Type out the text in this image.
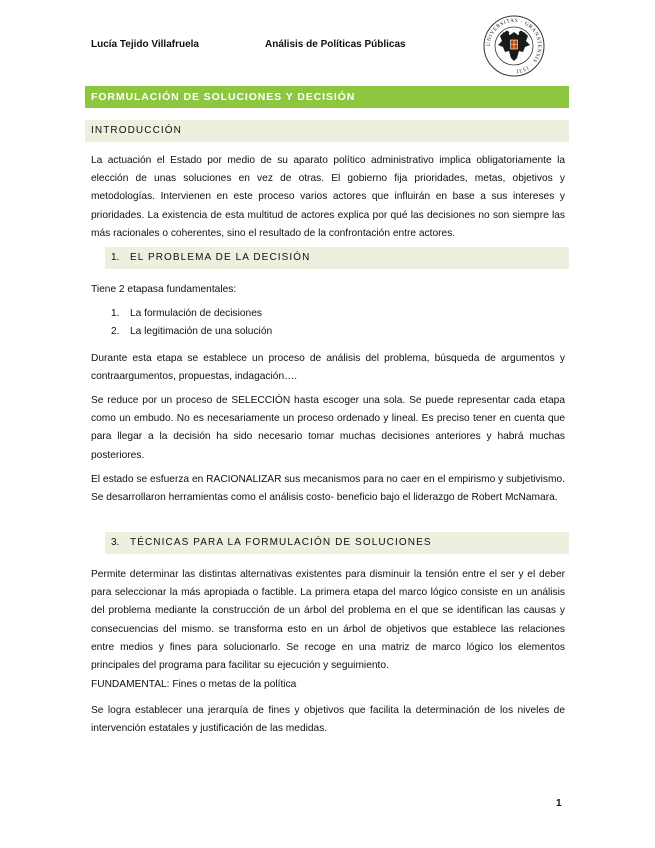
Lucía Tejido Villafruela	Análisis de Políticas Públicas	UNIVERSITAS · GRANATENSIS · 1531
FORMULACIÓN DE SOLUCIONES Y DECISIÓN
INTRODUCCIÓN
La actuación el Estado por medio de su aparato político administrativo implica obligatoriamente la elección de unas soluciones en vez de otras. El gobierno fija prioridades, metas, objetivos y metodologías. Intervienen en este proceso varios actores que influirán en base a sus intereses y prioridades. La existencia de esta multitud de actores explica por qué las decisiones no son siempre las más racionales o coherentes, sino el resultado de la confrontación entre actores.
1. EL PROBLEMA DE LA DECISIÓN
Tiene 2 etapasa fundamentales:
1. La formulación de decisiones
2. La legitimación de una solución
Durante esta etapa se establece un proceso de análisis del problema, búsqueda de argumentos y contraargumentos, propuestas, indagación….
Se reduce por un proceso de SELECCIÓN hasta escoger una sola. Se puede representar cada etapa como un embudo. No es necesariamente un proceso ordenado y lineal. Es preciso tener en cuenta que para llegar a la decisión ha sido necesario tomar muchas decisiones anteriores y habrá muchas posteriores.
El estado se esfuerza en RACIONALIZAR sus mecanismos para no caer en el empirismo y subjetivismo. Se desarrollaron herramientas como el análisis costo- beneficio bajo el liderazgo de Robert McNamara.
3. TÉCNICAS PARA LA FORMULACIÓN DE SOLUCIONES
Permite determinar las distintas alternativas existentes para disminuir la tensión entre el ser y el deber para seleccionar la más apropiada o factible. La primera etapa del marco lógico consiste en un análisis del problema mediante la construcción de un árbol del problema en el que se identifican las causas y consecuencias del mismo. se transforma esto en un árbol de objetivos que establece las relaciones entre medios y fines para solucionarlo. Se recoge en una matriz de marco lógico los elementos principales del programa para facilitar su ejecución y seguimiento.
FUNDAMENTAL: Fines o metas de la política
Se logra establecer una jerarquía de fines y objetivos que facilita la determinación de los niveles de intervención estatales y justificación de las medidas.
1
